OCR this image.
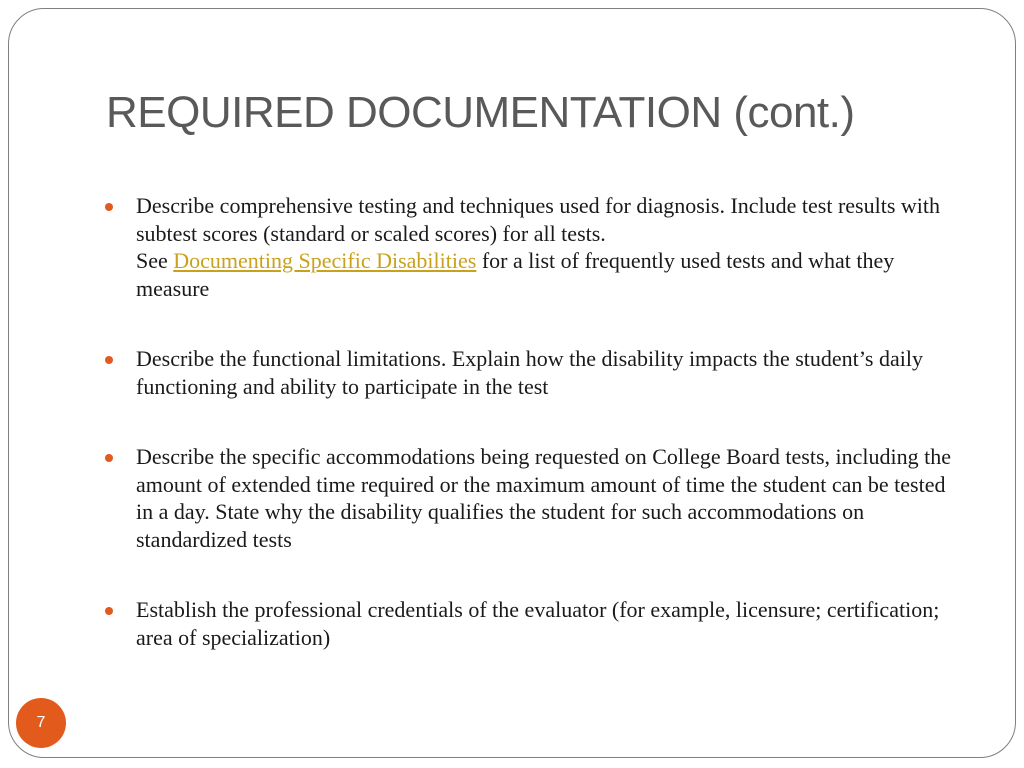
REQUIRED DOCUMENTATION (cont.)
Describe comprehensive testing and techniques used for diagnosis. Include test results with subtest scores (standard or scaled scores) for all tests.
See Documenting Specific Disabilities for a list of frequently used tests and what they measure
Describe the functional limitations. Explain how the disability impacts the student’s daily functioning and ability to participate in the test
Describe the specific accommodations being requested on College Board tests, including the amount of extended time required or the maximum amount of time the student can be tested in a day. State why the disability qualifies the student for such accommodations on standardized tests
Establish the professional credentials of the evaluator (for example, licensure; certification; area of specialization)
7
